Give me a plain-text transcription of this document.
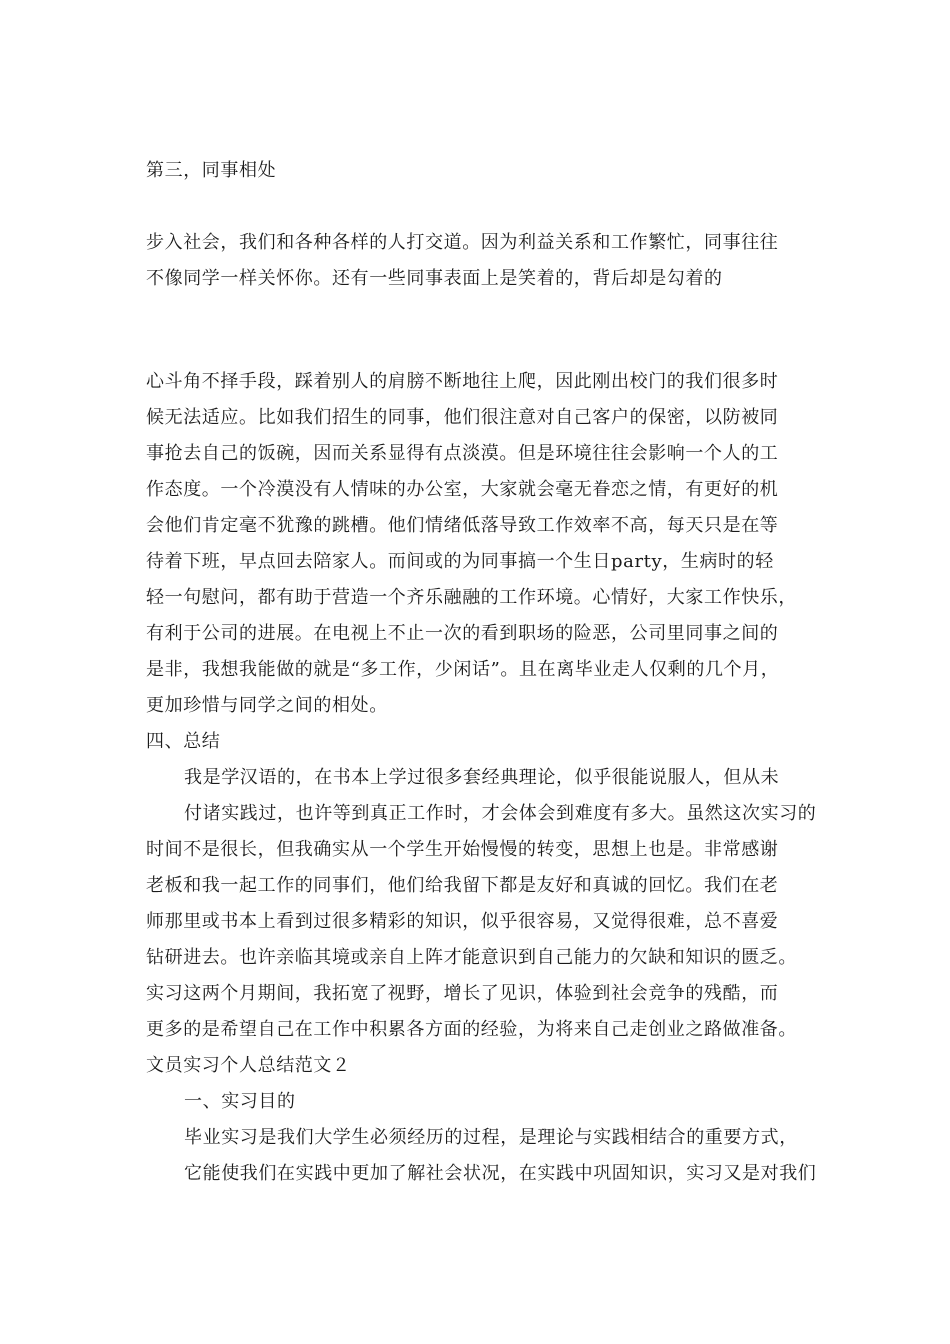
第三，同事相处
步入社会，我们和各种各样的人打交道。因为利益关系和工作繁忙，同事往往
不像同学一样关怀你。还有一些同事表面上是笑着的，背后却是勾着的
心斗角不择手段，踩着别人的肩膀不断地往上爬，因此刚出校门的我们很多时
候无法适应。比如我们招生的同事，他们很注意对自己客户的保密，以防被同
事抢去自己的饭碗，因而关系显得有点淡漠。但是环境往往会影响一个人的工
作态度。一个冷漠没有人情味的办公室，大家就会毫无眷恋之情，有更好的机
会他们肯定毫不犹豫的跳槽。他们情绪低落导致工作效率不高，每天只是在等
待着下班，早点回去陪家人。而间或的为同事搞一个生日party，生病时的轻
轻一句慰问，都有助于营造一个齐乐融融的工作环境。心情好，大家工作快乐，
有利于公司的进展。在电视上不止一次的看到职场的险恶，公司里同事之间的
是非，我想我能做的就是“多工作，少闲话”。且在离毕业走人仅剩的几个月，
更加珍惜与同学之间的相处。
四、总结
我是学汉语的，在书本上学过很多套经典理论，似乎很能说服人，但从未
付诸实践过，也许等到真正工作时，才会体会到难度有多大。虽然这次实习的
时间不是很长，但我确实从一个学生开始慢慢的转变，思想上也是。非常感谢
老板和我一起工作的同事们，他们给我留下都是友好和真诚的回忆。我们在老
师那里或书本上看到过很多精彩的知识，似乎很容易，又觉得很难，总不喜爱
钻研进去。也许亲临其境或亲自上阵才能意识到自己能力的欠缺和知识的匮乏。
实习这两个月期间，我拓宽了视野，增长了见识，体验到社会竞争的残酷，而
更多的是希望自己在工作中积累各方面的经验，为将来自己走创业之路做准备。
文员实习个人总结范文２
一、实习目的
毕业实习是我们大学生必须经历的过程，是理论与实践相结合的重要方式，
它能使我们在实践中更加了解社会状况，在实践中巩固知识，实习又是对我们
